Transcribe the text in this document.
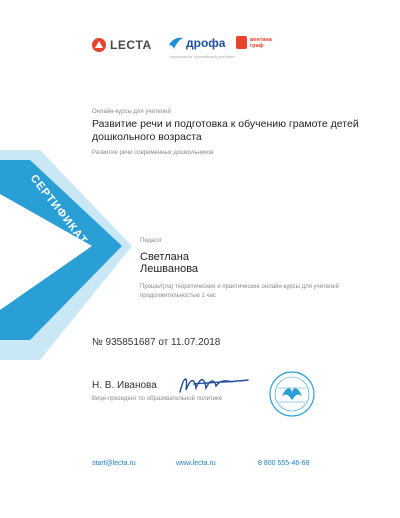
LECTA	дрофа	вентана
граф
корпорация «российский учебник»
Онлайн-курсы для учителей
Развитие речи и подготовка к обучению грамоте детей дошкольного возраста
Развитие речи современных дошкольников
СЕРТИФИКАТ	Педагог
Светлана
Лешванова
Прошел(ла) теоретические и практические онлайн-курсы для учителей продолжительностью 1 час
№ 935851687 от 11.07.2018
Н. В. Иванова
Вице-президент по образовательной политике
start@lecta.ru	www.lecta.ru	8 800 555-46-68
